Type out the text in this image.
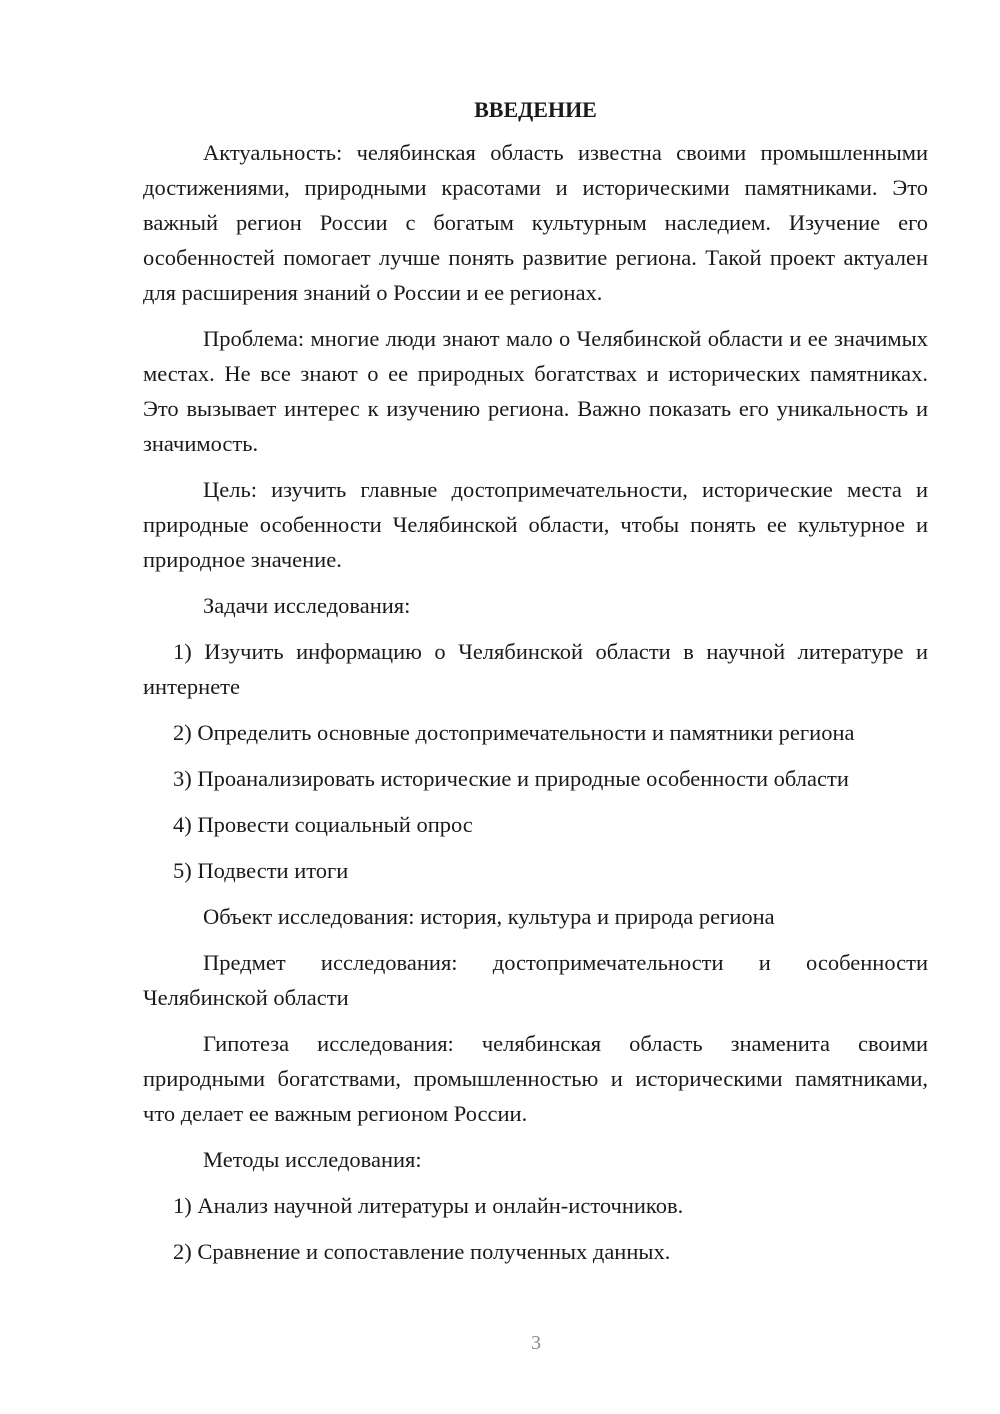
ВВЕДЕНИЕ

Актуальность: челябинская область известна своими промышленными достижениями, природными красотами и историческими памятниками. Это важный регион России с богатым культурным наследием. Изучение его особенностей помогает лучше понять развитие региона. Такой проект актуален для расширения знаний о России и ее регионах.

Проблема: многие люди знают мало о Челябинской области и ее значимых местах. Не все знают о ее природных богатствах и исторических памятниках. Это вызывает интерес к изучению региона. Важно показать его уникальность и значимость.

Цель: изучить главные достопримечательности, исторические места и природные особенности Челябинской области, чтобы понять ее культурное и природное значение.

Задачи исследования:

1) Изучить информацию о Челябинской области в научной литературе и интернете

2) Определить основные достопримечательности и памятники региона

3) Проанализировать исторические и природные особенности области

4) Провести социальный опрос

5) Подвести итоги

Объект исследования: история, культура и природа региона

Предмет исследования: достопримечательности и особенности Челябинской области

Гипотеза исследования: челябинская область знаменита своими природными богатствами, промышленностью и историческими памятниками, что делает ее важным регионом России.

Методы исследования:

1) Анализ научной литературы и онлайн-источников.

2) Сравнение и сопоставление полученных данных.

3
